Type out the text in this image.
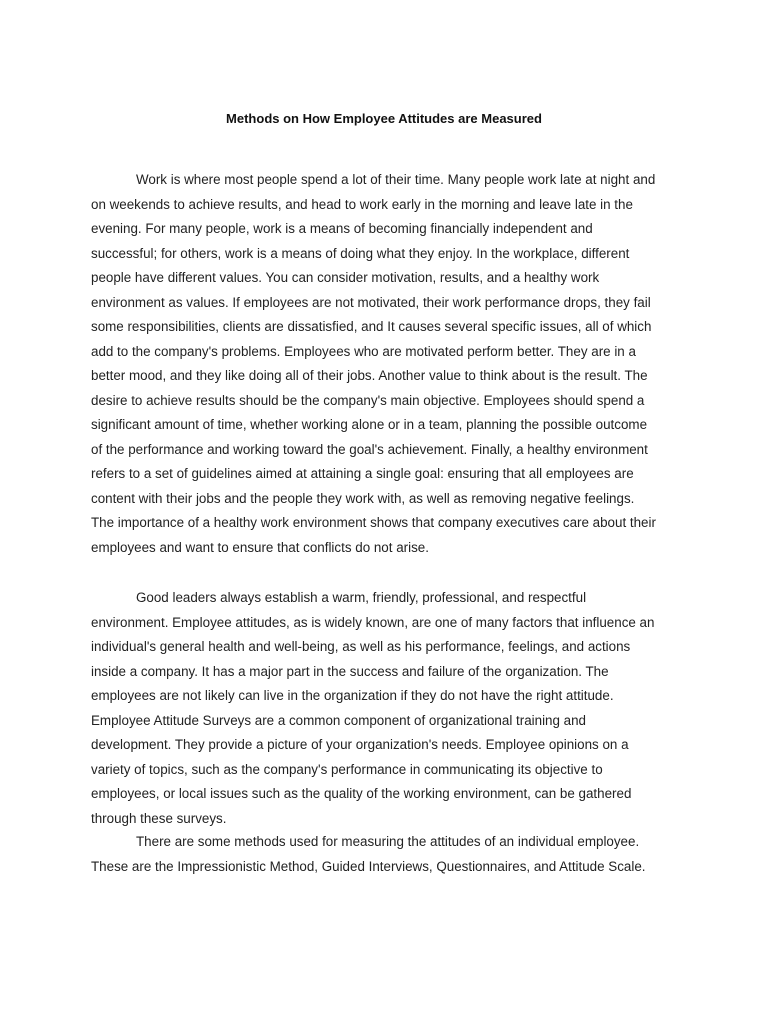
Methods on How Employee Attitudes are Measured
Work is where most people spend a lot of their time. Many people work late at night and
on weekends to achieve results, and head to work early in the morning and leave late in the
evening. For many people, work is a means of becoming financially independent and
successful; for others, work is a means of doing what they enjoy. In the workplace, different
people have different values. You can consider motivation, results, and a healthy work
environment as values. If employees are not motivated, their work performance drops, they fail
some responsibilities, clients are dissatisfied, and It causes several specific issues, all of which
add to the company's problems. Employees who are motivated perform better. They are in a
better mood, and they like doing all of their jobs. Another value to think about is the result. The
desire to achieve results should be the company's main objective. Employees should spend a
significant amount of time, whether working alone or in a team, planning the possible outcome
of the performance and working toward the goal's achievement. Finally, a healthy environment
refers to a set of guidelines aimed at attaining a single goal: ensuring that all employees are
content with their jobs and the people they work with, as well as removing negative feelings.
The importance of a healthy work environment shows that company executives care about their
employees and want to ensure that conflicts do not arise.
Good leaders always establish a warm, friendly, professional, and respectful
environment. Employee attitudes, as is widely known, are one of many factors that influence an
individual's general health and well-being, as well as his performance, feelings, and actions
inside a company. It has a major part in the success and failure of the organization. The
employees are not likely can live in the organization if they do not have the right attitude.
Employee Attitude Surveys are a common component of organizational training and
development. They provide a picture of your organization's needs. Employee opinions on a
variety of topics, such as the company's performance in communicating its objective to
employees, or local issues such as the quality of the working environment, can be gathered
through these surveys.
There are some methods used for measuring the attitudes of an individual employee.
These are the Impressionistic Method, Guided Interviews, Questionnaires, and Attitude Scale.
